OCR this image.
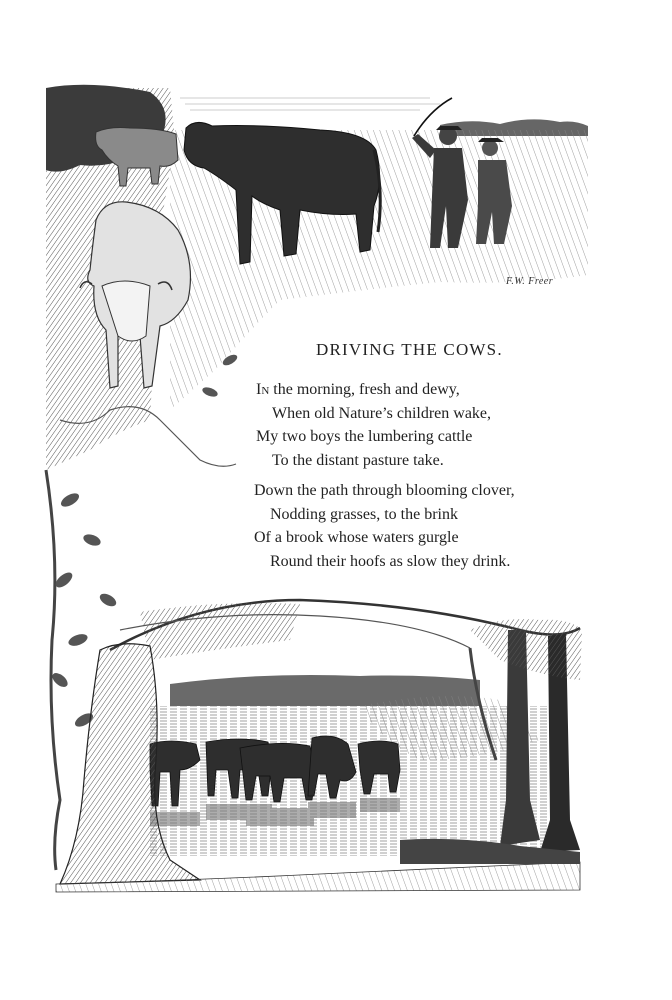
F.W. Freer
DRIVING THE COWS.

In the morning, fresh and dewy,
When old Nature’s children wake,
My two boys the lumbering cattle
To the distant pasture take.

Down the path through blooming clover,
Nodding grasses, to the brink
Of a brook whose waters gurgle
Round their hoofs as slow they drink.
